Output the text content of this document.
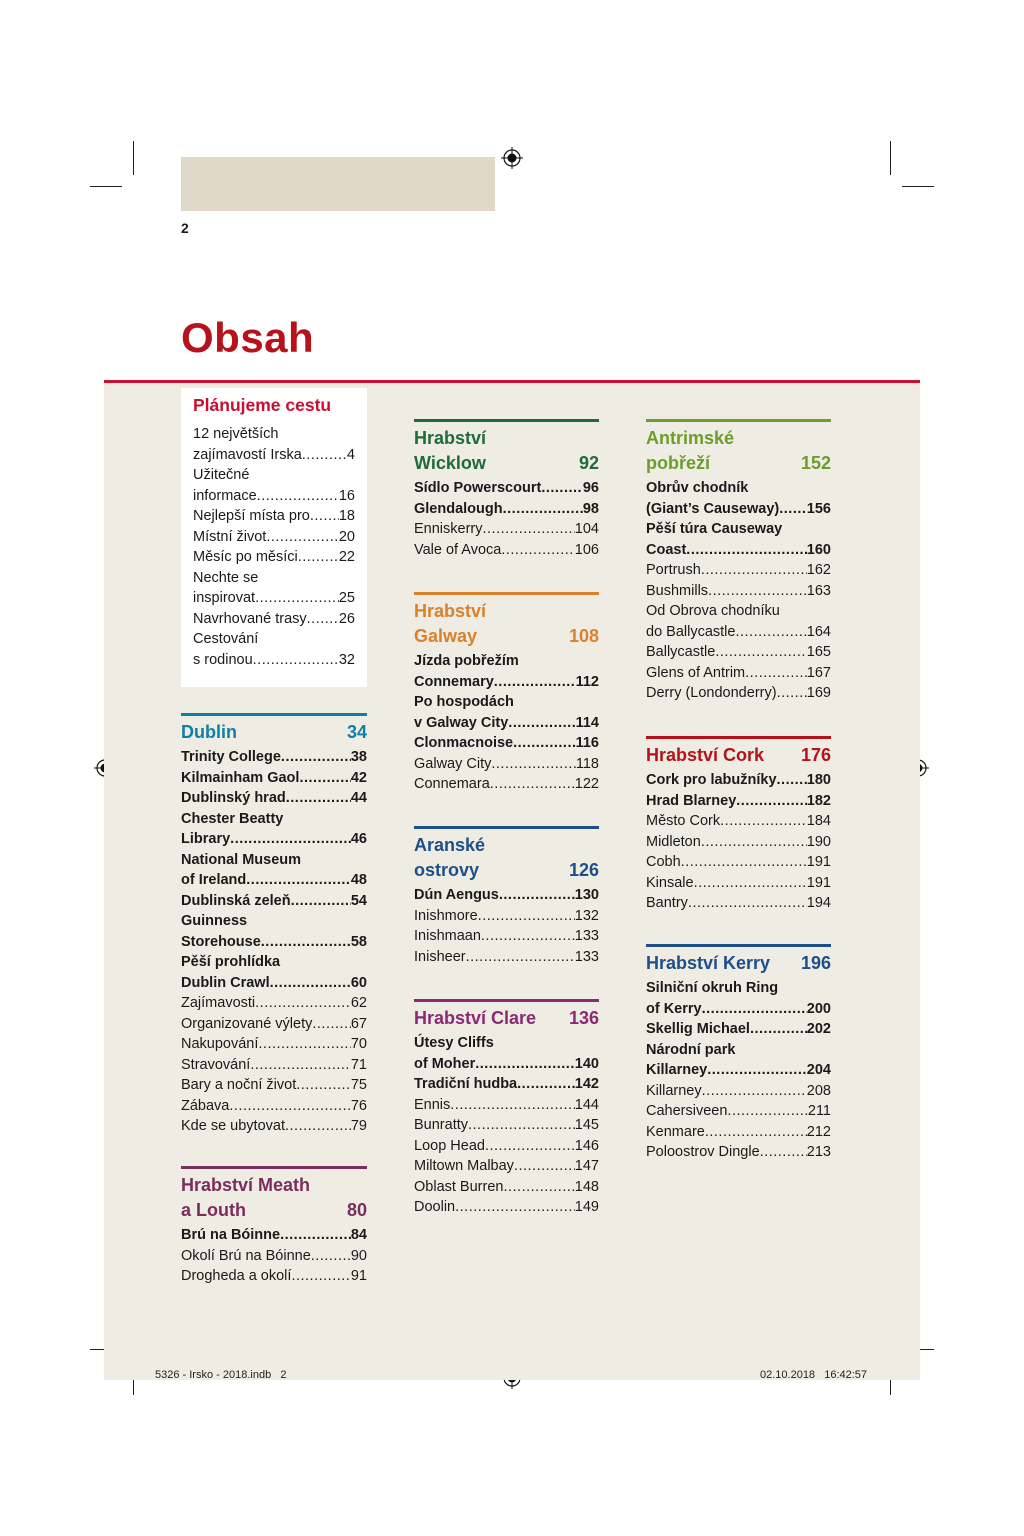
2
Obsah
Plánujeme cestu
12 největších
zajímavostí Irska .....	4
Užitečné
informace .....	16
Nejlepší místa pro ..... 18
Místní život .....	20
Měsíc po měsíci .....	22
Nechte se
inspirovat .....	25
Navrhované trasy ..... 26
Cestování
s rodinou .....	32
Dublin	34
Trinity College .....	38
Kilmainham Gaol .....	42
Dublinský hrad .....	44
Chester Beatty
Library .....	46
National Museum
of Ireland .....	48
Dublinská zeleň .....	54
Guinness
Storehouse .....	58
Pěší prohlídka
Dublin Crawl .....	60
Zajímavosti .....	62
Organizované výlety .....	67
Nakupování .....	70
Stravování .....	71
Bary a noční život .....	75
Zábava .....	76
Kde se ubytovat .....	79
Hrabství Meath
a Louth	80
Brú na Bóinne .....	84
Okolí Brú na Bóinne .....	90
Drogheda a okolí .....	91
Hrabství
Wicklow	92
Sídlo Powerscourt .....	96
Glendalough .....	98
Enniskerry .....	104
Vale of Avoca .....	106
Hrabství
Galway	108
Jízda pobřežím
Connemary .....	112
Po hospodách
v Galway City .....	114
Clonmacnoise .....	116
Galway City .....	118
Connemara .....	122
Aranské
ostrovy	126
Dún Aengus .....	130
Inishmore .....	132
Inishmaan .....	133
Inisheer .....	133
Hrabství Clare 136
Útesy Cliffs
of Moher .....	140
Tradiční hudba .....	142
Ennis .....	144
Bunratty .....	145
Loop Head .....	146
Miltown Malbay .....	147
Oblast Burren .....	148
Doolin .....	149
Antrimské
pobřeží	152
Obrův chodník
(Giant’s Causeway) ..... 156
Pěší túra Causeway
Coast .....	160
Portrush .....	162
Bushmills .....	163
Od Obrova chodníku
do Ballycastle .....	164
Ballycastle .....	165
Glens of Antrim .....	167
Derry (Londonderry) ..... 169
Hrabství Cork 176
Cork pro labužníky ..... 180
Hrad Blarney .....	182
Město Cork .....	184
Midleton .....	190
Cobh .....	191
Kinsale .....	191
Bantry .....	194
Hrabství Kerry 196
Silniční okruh Ring
of Kerry .....	200
Skellig Michael .....	202
Národní park
Killarney .....	204
Killarney .....	208
Cahersiveen .....	211
Kenmare .....	212
Poloostrov Dingle .....	213
5326 - Irsko - 2018.indb   2	02.10.2018   16:42:57
